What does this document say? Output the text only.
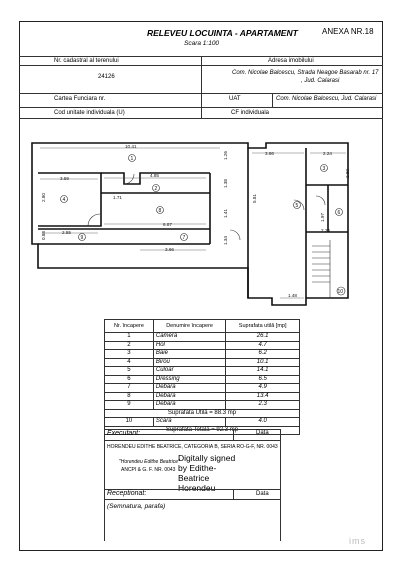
RELEVEU LOCUINTA - APARTAMENT
Scara 1:100
ANEXA NR.18
Nr. cadastral al terenului
24126
Adresa imobilului
Com. Nicolae Balcescu, Strada Neagoe Basarab nr. 17
, Jud. Calarasi
Cartea Funciara nr.	UAT	Com. Nicolae Balcescu, Jud. Calarasi
Cod unitate individuala (U)	CF individuala
10.41
3.86	2.24
3.59
4.85
6.87
2.55
3.66
1.48
2.24
1.26
1.38
2.80
2.80
5.81
1.97
1.41
0.88
1.34
1.71
1
2
3
4
5
6
7
8
9
10
Nr. încapere	Denumire încapere	Suprafata utilă [mp]
1	Camera	26.1
2	Hol	4.7
3	Baie	6.2
4	Birou	10.1
5	Culoar	14.1
6	Dressing	6.5
7	Debara	4.9
8	Debara	13.4
9	Debara	2.3
Suprafata Utilă = 88.3 mp		
10	Scara	4.0
Suprafata Totală = 92.3 mp		
Executant:	Data
HORENDEU EDITHE BEATRICE, CATEGORIA B, SERIA RO-G-F, NR. 0043
"Horendeu Edithe Beatrice"
ANCPI & G. F. NR. 0043
Digitally signed
by Edithe-
Beatrice
Horendeu
Receptionat:	Data
(Semnatura, parafa)
ims
